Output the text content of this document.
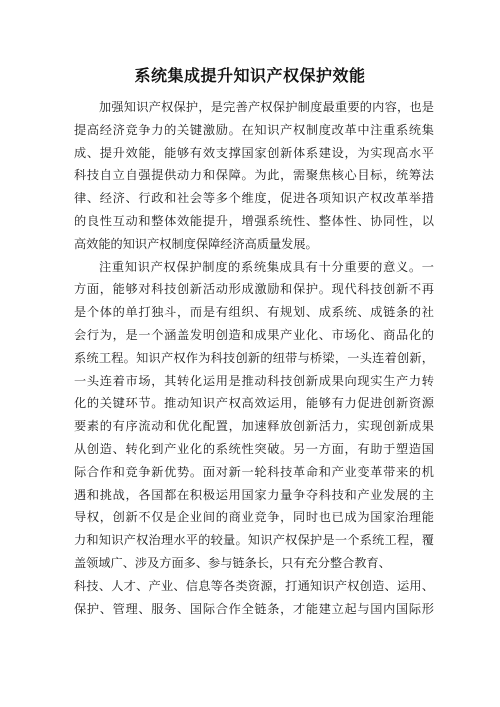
系统集成提升知识产权保护效能
加强知识产权保护，是完善产权保护制度最重要的内容，也是
提高经济竞争力的关键激励。在知识产权制度改革中注重系统集
成、提升效能，能够有效支撑国家创新体系建设，为实现高水平
科技自立自强提供动力和保障。为此，需聚焦核心目标，统筹法
律、经济、行政和社会等多个维度，促进各项知识产权改革举措
的良性互动和整体效能提升，增强系统性、整体性、协同性，以
高效能的知识产权制度保障经济高质量发展。
注重知识产权保护制度的系统集成具有十分重要的意义。一
方面，能够对科技创新活动形成激励和保护。现代科技创新不再
是个体的单打独斗，而是有组织、有规划、成系统、成链条的社
会行为，是一个涵盖发明创造和成果产业化、市场化、商品化的
系统工程。知识产权作为科技创新的纽带与桥梁，一头连着创新，
一头连着市场，其转化运用是推动科技创新成果向现实生产力转
化的关键环节。推动知识产权高效运用，能够有力促进创新资源
要素的有序流动和优化配置，加速释放创新活力，实现创新成果
从创造、转化到产业化的系统性突破。另一方面，有助于塑造国
际合作和竞争新优势。面对新一轮科技革命和产业变革带来的机
遇和挑战，各国都在积极运用国家力量争夺科技和产业发展的主
导权，创新不仅是企业间的商业竞争，同时也已成为国家治理能
力和知识产权治理水平的较量。知识产权保护是一个系统工程，覆
盖领域广、涉及方面多、参与链条长，只有充分整合教育、
科技、人才、产业、信息等各类资源，打通知识产权创造、运用、
保护、管理、服务、国际合作全链条，才能建立起与国内国际形
